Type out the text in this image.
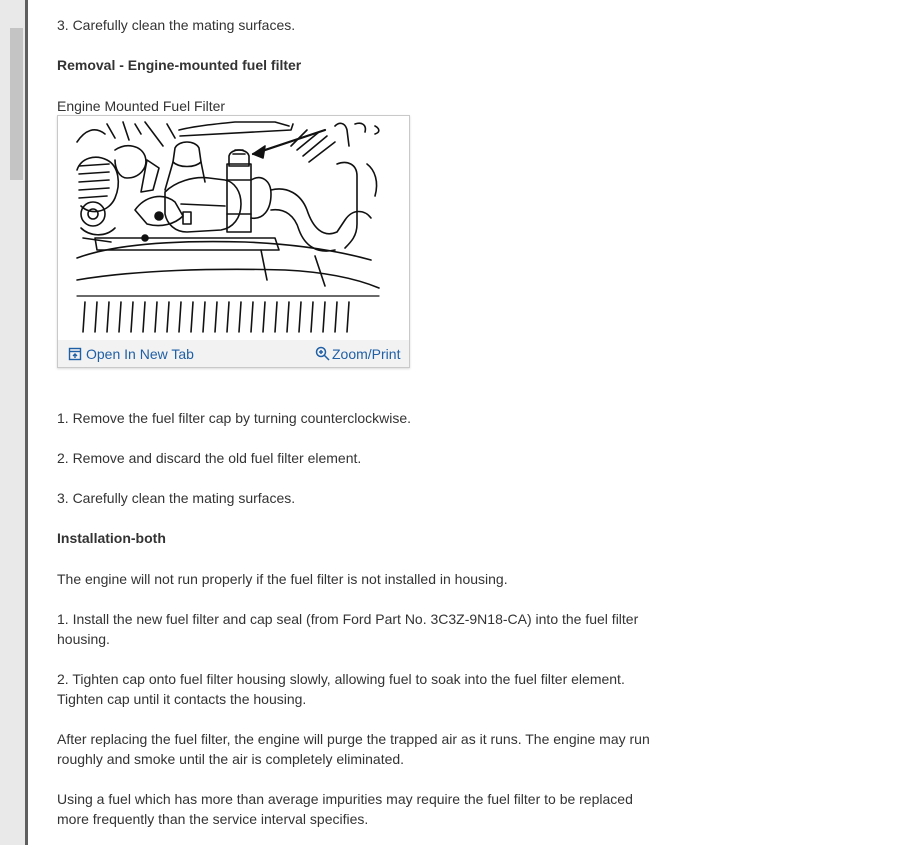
3. Carefully clean the mating surfaces.

Removal - Engine-mounted fuel filter

Engine Mounted Fuel Filter

Open In New Tab	Zoom/Print

1. Remove the fuel filter cap by turning counterclockwise.

2. Remove and discard the old fuel filter element.

3. Carefully clean the mating surfaces.

Installation-both

The engine will not run properly if the fuel filter is not installed in housing.

1. Install the new fuel filter and cap seal (from Ford Part No. 3C3Z-9N18-CA) into the fuel filter

housing.

2. Tighten cap onto fuel filter housing slowly, allowing fuel to soak into the fuel filter element.

Tighten cap until it contacts the housing.

After replacing the fuel filter, the engine will purge the trapped air as it runs. The engine may run

roughly and smoke until the air is completely eliminated.

Using a fuel which has more than average impurities may require the fuel filter to be replaced

more frequently than the service interval specifies.
